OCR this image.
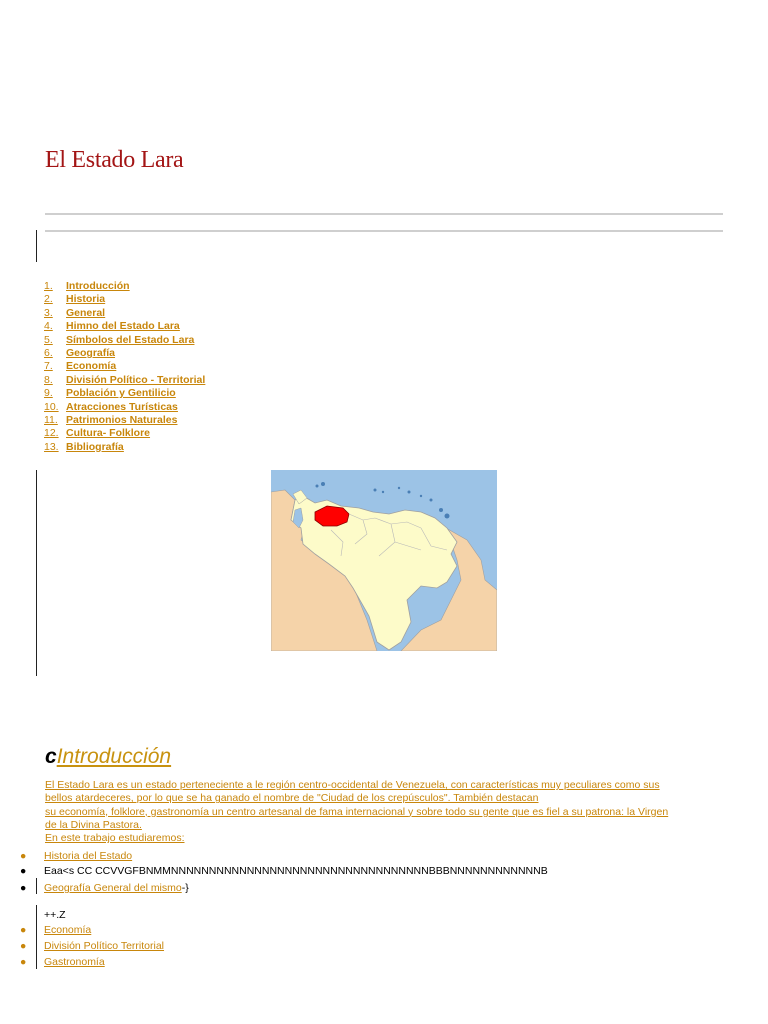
El Estado Lara
1. Introducción
2. Historia
3. General
4. Himno del Estado Lara
5. Símbolos del Estado Lara
6. Geografía
7. Economía
8. División Político - Territorial
9. Población y Gentilicio
10. Atracciones Turísticas
11. Patrimonios Naturales
12. Cultura- Folklore
13. Bibliografía
cIntroducción
El Estado Lara es un estado perteneciente a le región centro-occidental de Venezuela, con características muy peculiares como sus
bellos atardeceres, por lo que se ha ganado el nombre de "Ciudad de los crepúsculos". También destacan
su economía, folklore, gastronomía un centro artesanal de fama internacional y sobre todo su gente que es fiel a su patrona: la Virgen
de la Divina Pastora.
En este trabajo estudiaremos:
●	Historia del Estado
●	Eaa<s CC CCVVGFBNMMNNNNNNNNNNNNNNNNNNNNNNNNNNNNNNNNNNBBBNNNNNNNNNNNNB
●	Geografía General del mismo-}
++.Z
●	Economía
●	División Político Territorial
●	Gastronomía
